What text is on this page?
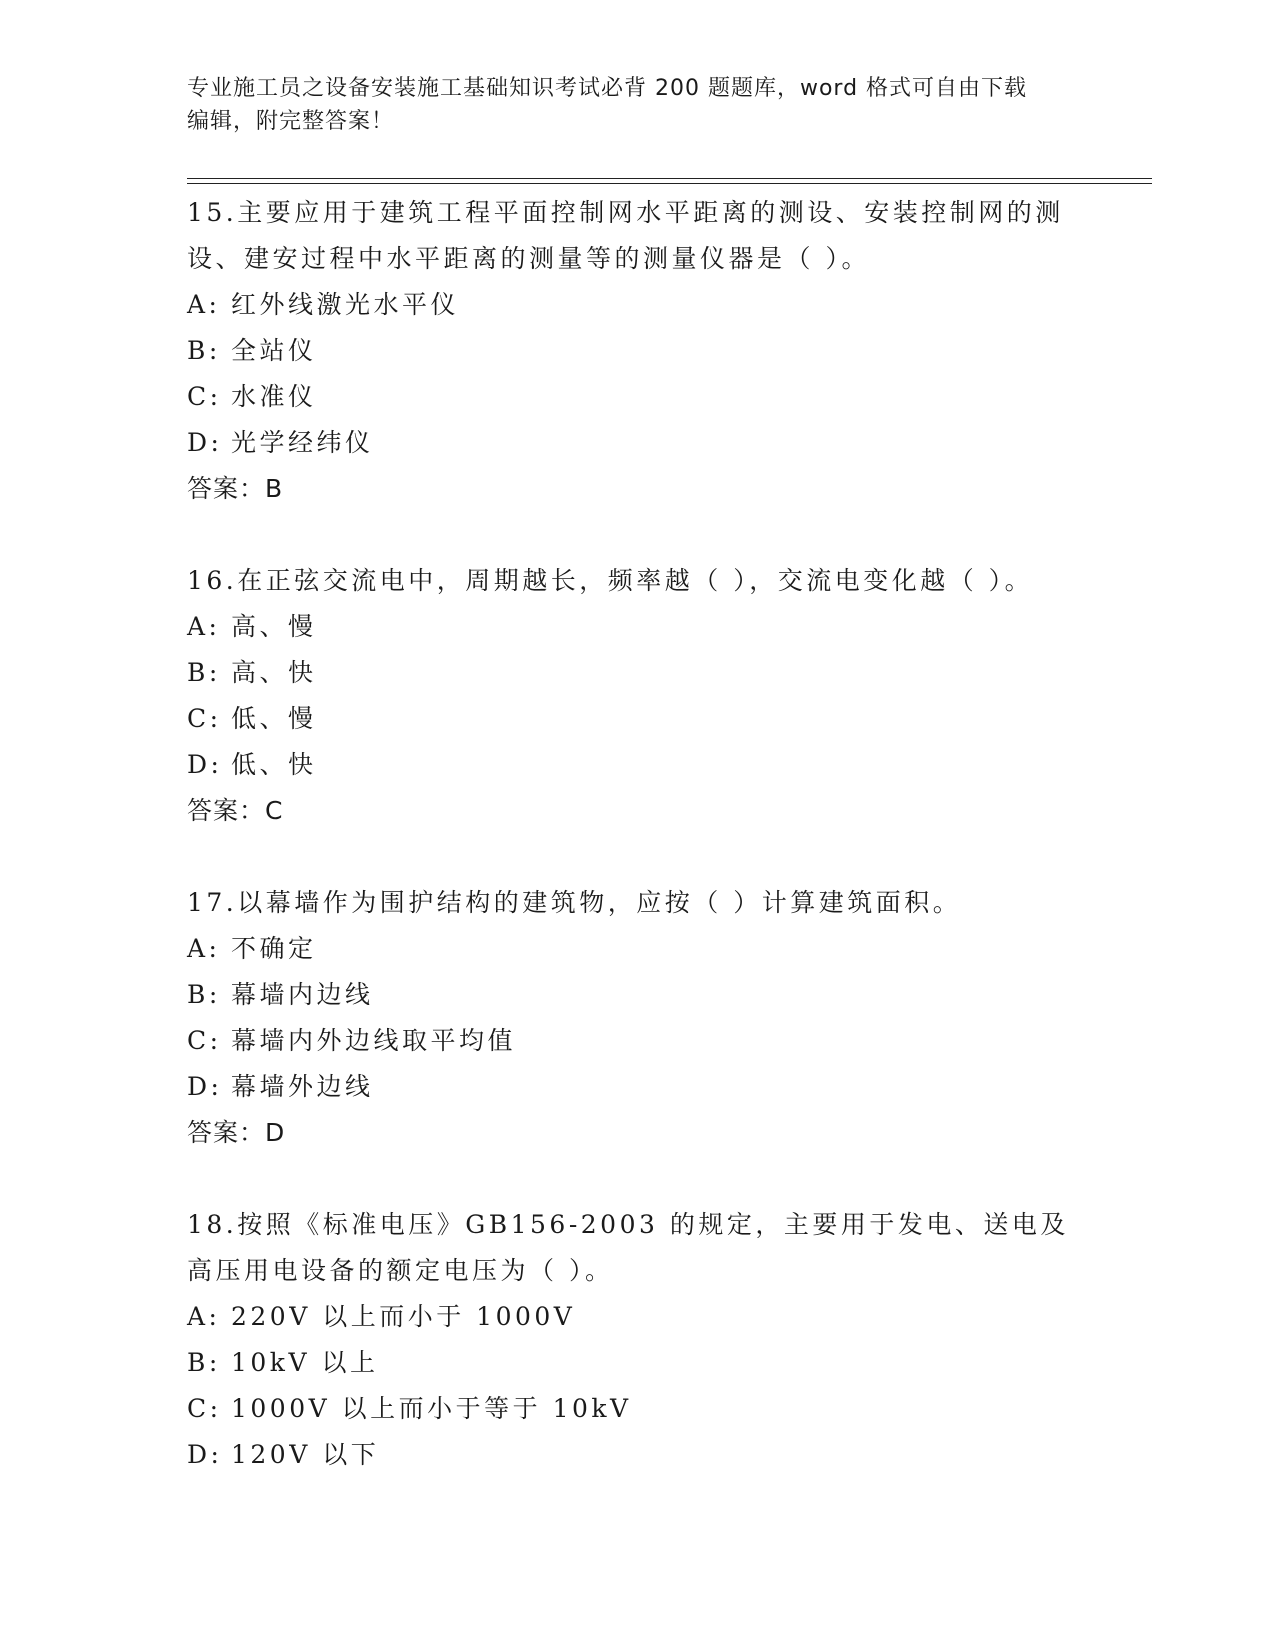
专业施工员之设备安装施工基础知识考试必背 200 题题库，word 格式可自由下载
编辑，附完整答案！

15.主要应用于建筑工程平面控制网水平距离的测设、安装控制网的测设、建安过程中水平距离的测量等的测量仪器是（ ）。

A: 红外线激光水平仪
B: 全站仪
C: 水准仪
D: 光学经纬仪
答案：B

16.在正弦交流电中，周期越长，频率越（ ），交流电变化越（ ）。

A: 高、慢
B: 高、快
C: 低、慢
D: 低、快
答案：C

17.以幕墙作为围护结构的建筑物，应按（ ）计算建筑面积。

A: 不确定
B: 幕墙内边线
C: 幕墙内外边线取平均值
D: 幕墙外边线
答案：D

18.按照《标准电压》GB156-2003 的规定，主要用于发电、送电及高压用电设备的额定电压为（ ）。

A: 220V 以上而小于 1000V
B: 10kV 以上
C: 1000V 以上而小于等于 10kV
D: 120V 以下
